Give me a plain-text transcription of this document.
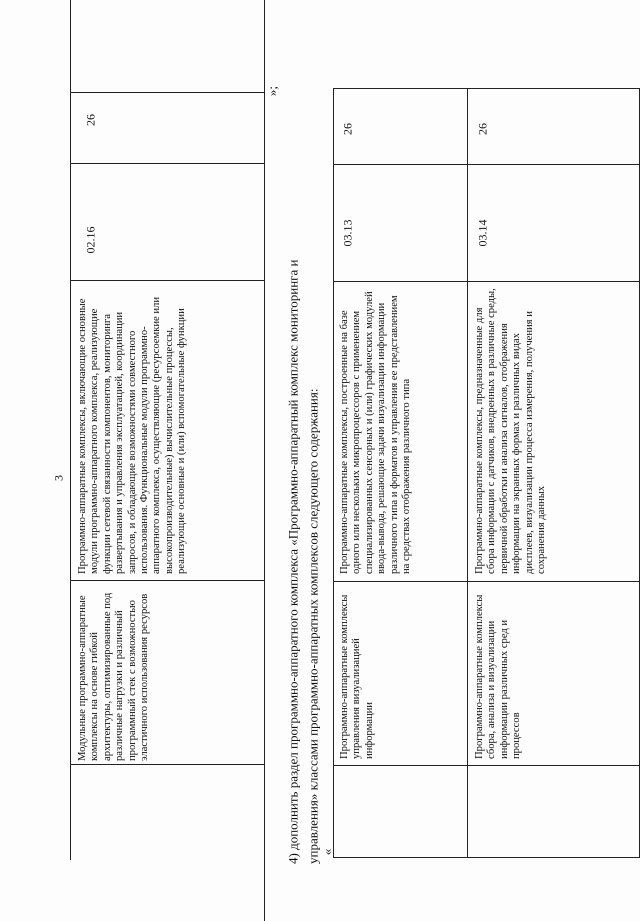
3
26
02.16
Программно-аппаратные комплексы, включающие основные модули программно-аппаратного комплекса, реализующие функции сетевой связанности компонентов, мониторинга развертывания и управления эксплуатацией, координации запросов, и обладающие возможностями совместного использования. Функциональные модули программно-аппаратного комплекса, осуществляющие (ресурсоемкие или высокопроизводительные) вычислительные процессы, реализующие основные и (или) вспомогательные функции
Модульные программно-аппаратные комплексы на основе гибкой архитектуры, оптимизированные под различные нагрузки и различный программный стек с возможностью эластичного использования ресурсов
»;
4) дополнить раздел программно-аппаратного комплекса «Программно-аппаратный комплекс мониторинга и управления» классами программно-аппаратных комплексов следующего содержания: «
26
03.13
Программно-аппаратные комплексы, построенные на базе одного или нескольких микропроцессоров с применением специализированных сенсорных и (или) графических модулей ввода-вывода, решающие задачи визуализации информации различного типа и форматов и управления ее представлением на средствах отображения различного типа
Программно-аппаратные комплексы управления визуализацией информации
26
03.14
Программно-аппаратные комплексы, предназначенные для сбора информации с датчиков, внедренных в различные среды, первичной обработки и анализа сигналов, отображения информации на экранных формах и различных видах дисплеев, визуализации процесса измерения, получения и сохранения данных
Программно-аппаратные комплексы сбора, анализа и визуализации информации различных сред и процессов
